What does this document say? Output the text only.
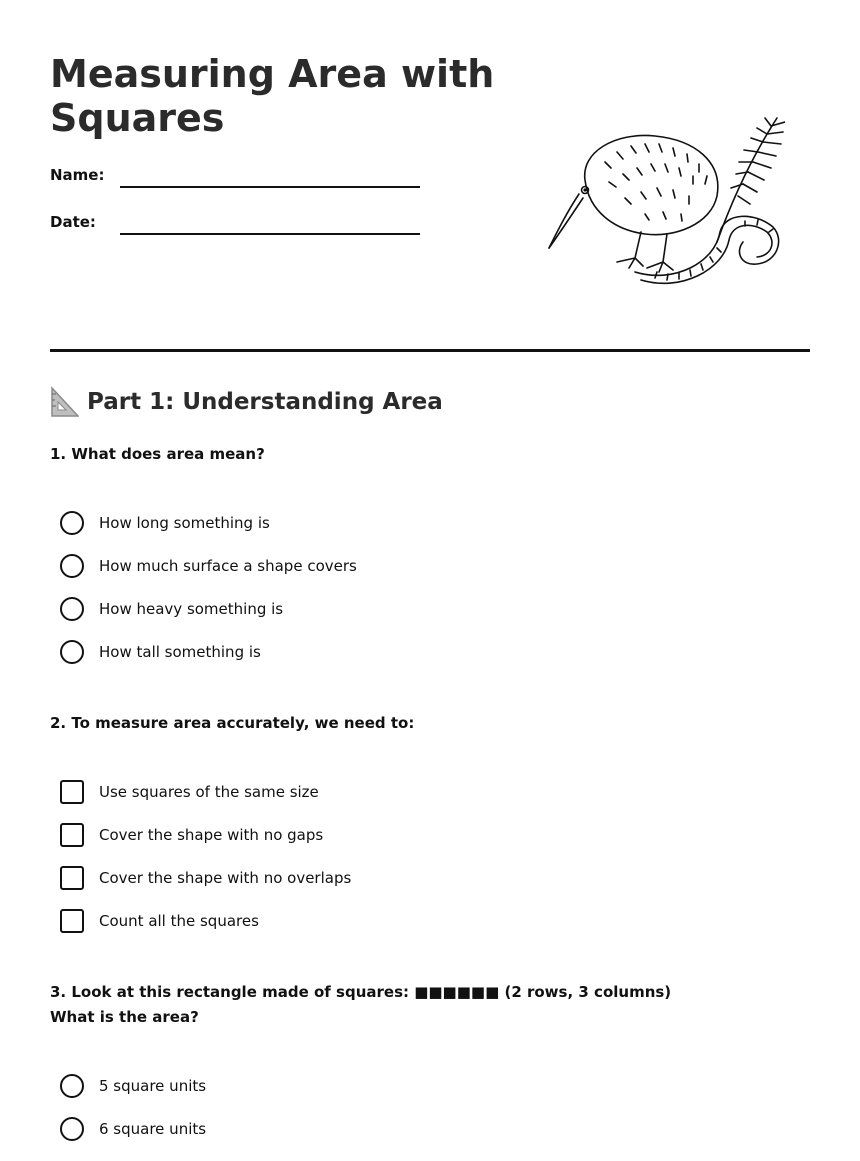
Measuring Area with Squares
Name:
Date:
Part 1: Understanding Area
1. What does area mean?
How long something is
How much surface a shape covers
How heavy something is
How tall something is
2. To measure area accurately, we need to:
Use squares of the same size
Cover the shape with no gaps
Cover the shape with no overlaps
Count all the squares
3. Look at this rectangle made of squares: ■■■■■■ (2 rows, 3 columns)
What is the area?
5 square units
6 square units
